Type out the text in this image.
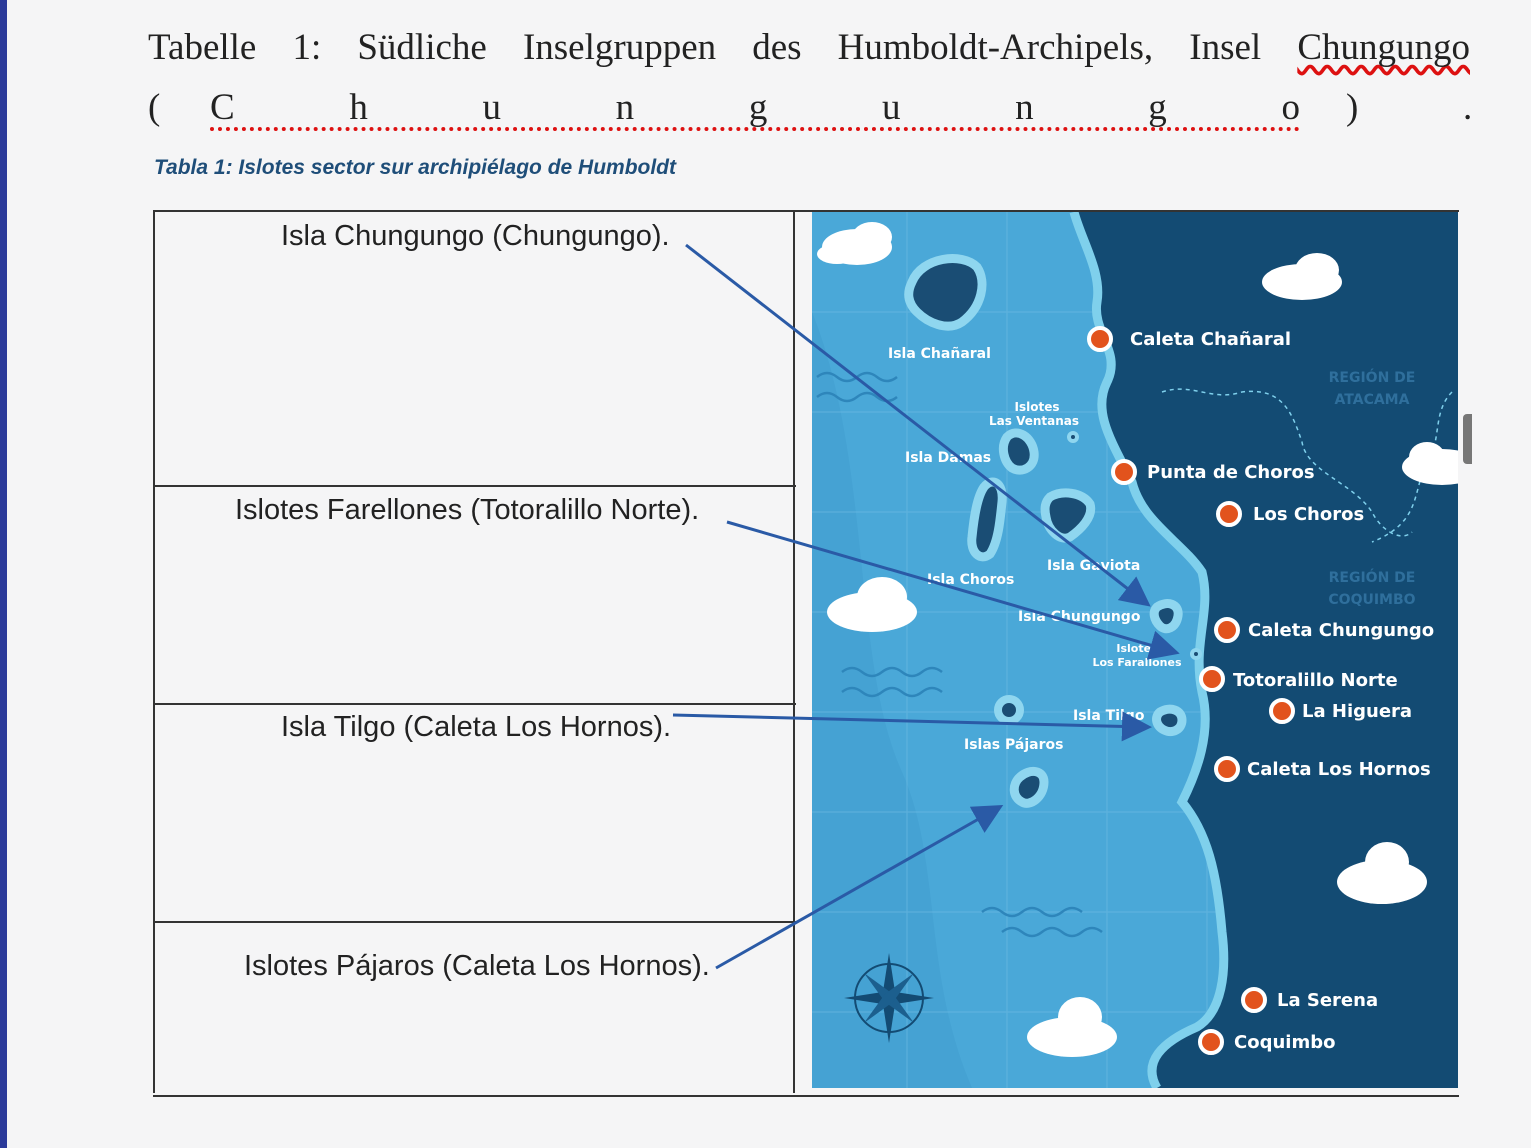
Tabelle 1: Südliche Inselgruppen des Humboldt-Archipels, Insel Chungungo
( C	h	u	n	g	u	n	g	o )	.
Tabla 1: Islotes sector sur archipiélago de Humboldt
Isla Chungungo (Chungungo).
Islotes Farellones (Totoralillo Norte).
Isla Tilgo (Caleta Los Hornos).
Islotes Pájaros (Caleta Los Hornos).
Caleta Chañaral
Punta de Choros
Los Choros
Caleta Chungungo
Totoralillo Norte
La Higuera
Caleta Los Hornos
La Serena
Coquimbo
REGIÓN DE
ATACAMA
REGIÓN DE
COQUIMBO
Isla Chañaral
Islotes
Las Ventanas
Isla Damas
Isla Choros
Isla Gaviota
Isla Chungungo
Islotes
Los Farallones
Isla Tilgo
Islas Pájaros
